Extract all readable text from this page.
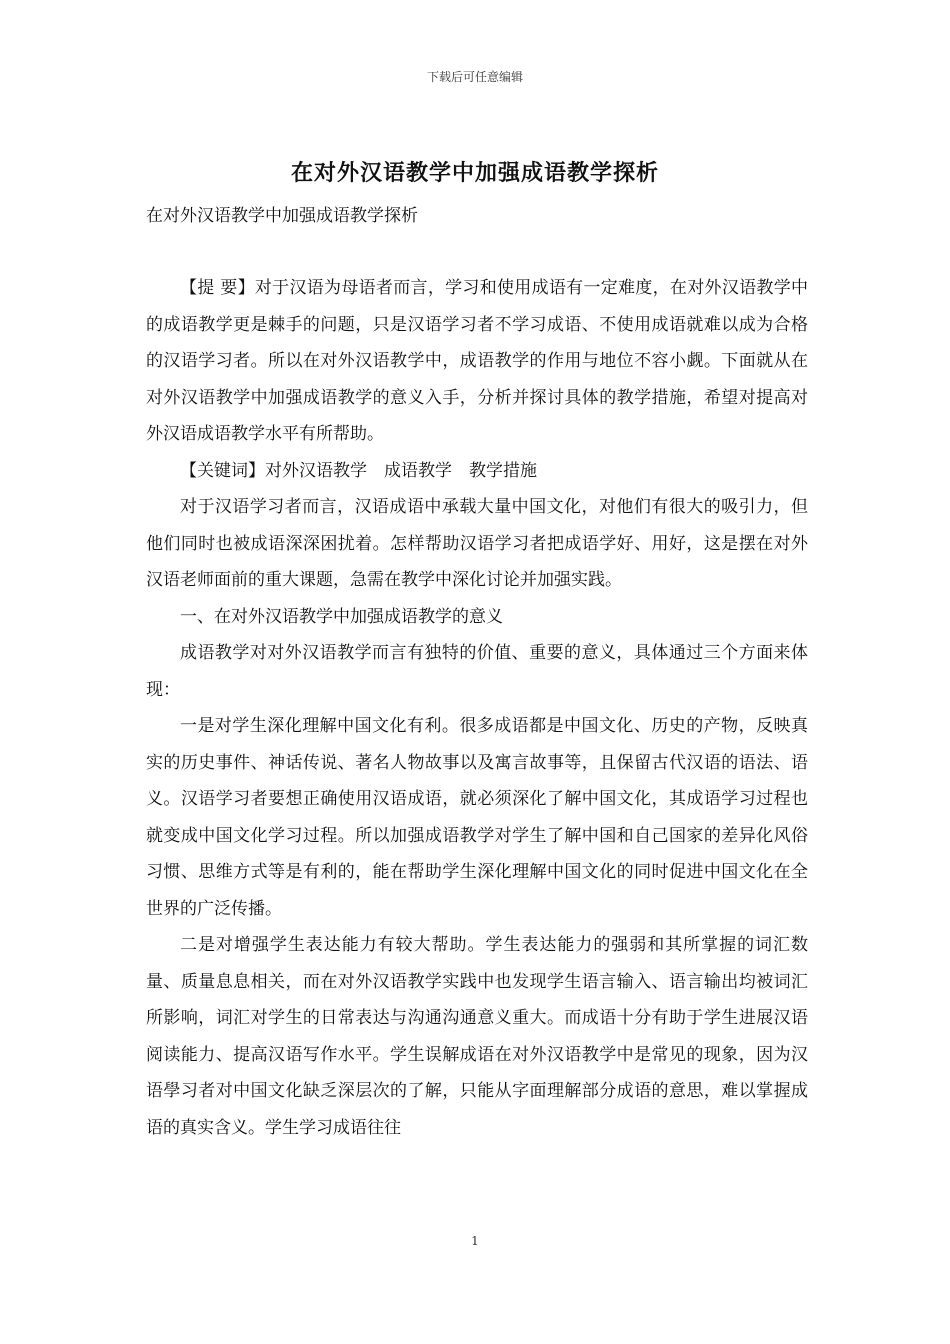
下载后可任意编辑
在对外汉语教学中加强成语教学探析
在对外汉语教学中加强成语教学探析

【提 要】对于汉语为母语者而言，学习和使用成语有一定难度，在对外汉语教学中的成语教学更是棘手的问题，只是汉语学习者不学习成语、不使用成语就难以成为合格的汉语学习者。所以在对外汉语教学中，成语教学的作用与地位不容小觑。下面就从在对外汉语教学中加强成语教学的意义入手，分析并探讨具体的教学措施，希望对提高对外汉语成语教学水平有所帮助。

【关键词】对外汉语教学　成语教学　教学措施

对于汉语学习者而言，汉语成语中承载大量中国文化，对他们有很大的吸引力，但他们同时也被成语深深困扰着。怎样帮助汉语学习者把成语学好、用好，这是摆在对外汉语老师面前的重大课题，急需在教学中深化讨论并加强实践。

一、在对外汉语教学中加强成语教学的意义

成语教学对对外汉语教学而言有独特的价值、重要的意义，具体通过三个方面来体现：

一是对学生深化理解中国文化有利。很多成语都是中国文化、历史的产物，反映真实的历史事件、神话传说、著名人物故事以及寓言故事等，且保留古代汉语的语法、语义。汉语学习者要想正确使用汉语成语，就必须深化了解中国文化，其成语学习过程也就变成中国文化学习过程。所以加强成语教学对学生了解中国和自己国家的差异化风俗习惯、思维方式等是有利的，能在帮助学生深化理解中国文化的同时促进中国文化在全世界的广泛传播。

二是对增强学生表达能力有较大帮助。学生表达能力的强弱和其所掌握的词汇数量、质量息息相关，而在对外汉语教学实践中也发现学生语言输入、语言输出均被词汇所影响，词汇对学生的日常表达与沟通沟通意义重大。而成语十分有助于学生进展汉语阅读能力、提高汉语写作水平。学生误解成语在对外汉语教学中是常见的现象，因为汉语學习者对中国文化缺乏深层次的了解，只能从字面理解部分成语的意思，难以掌握成语的真实含义。学生学习成语往往

1
